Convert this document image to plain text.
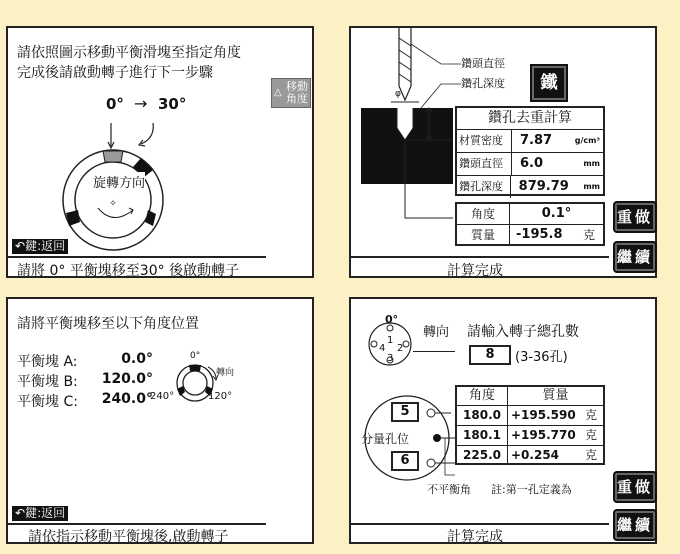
請依照圖示移動平衡滑塊至指定角度
完成後請啟動轉子進行下一步驟
0° → 30°
✧
旋轉方向
↶鍵:返回
請將 0° 平衡塊移至30° 後啟動轉子
△ 移動
角度	φ
L
鑽頭直徑
鑽孔深度	鐵
鑽孔去重計算
材質密度	7.87	g/cm³
鑽頭直徑	6.0	mm
鑽孔深度	879.79	mm
角度	0.1°
質量	-195.8	克
計算完成
重做
繼續
請將平衡塊移至以下角度位置
平衡塊 A:	0.0°
平衡塊 B:	120.0°
平衡塊 C:	240.0°
0°
轉向
240°	120°
↶鍵:返回
請依指示移動平衡塊後,啟動轉子
0°
1
2
3
4
轉向 請輸入轉子總孔數
8	(3-36孔)
角度	質量
180.0 +195.590 克
180.1 +195.770 克
225.0 +0.254	克
5
分量孔位
6
不平衡角 註:第一孔定義為
計算完成
重做
繼續
